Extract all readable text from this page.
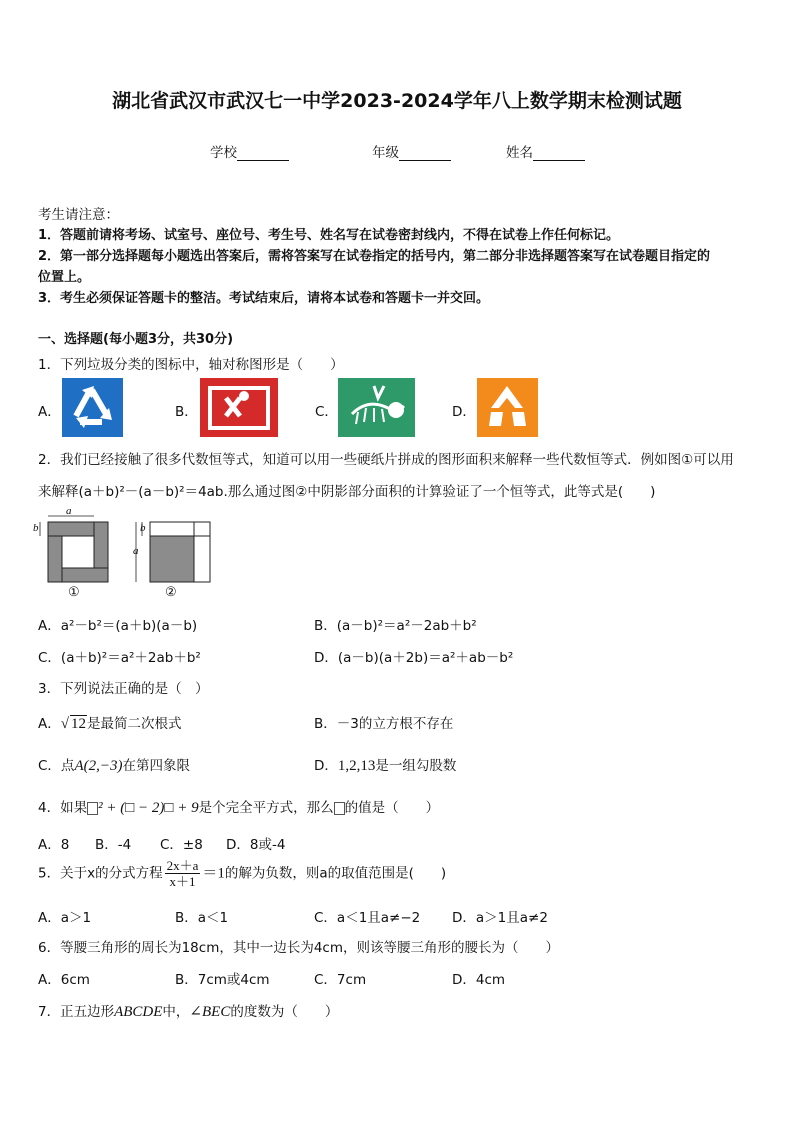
湖北省武汉市武汉七一中学2023-2024学年八上数学期末检测试题
学校	年级	姓名
考生请注意：
1．答题前请将考场、试室号、座位号、考生号、姓名写在试卷密封线内，不得在试卷上作任何标记。
2．第一部分选择题每小题选出答案后，需将答案写在试卷指定的括号内，第二部分非选择题答案写在试卷题目指定的
位置上。
3．考生必须保证答题卡的整洁。考试结束后，请将本试卷和答题卡一并交回。
一、选择题(每小题3分，共30分)
1．下列垃圾分类的图标中，轴对称图形是（　　）
A．	B．	C．	D．
2．我们已经接触了很多代数恒等式，知道可以用一些硬纸片拼成的图形面积来解释一些代数恒等式．例如图①可以用
来解释(a＋b)²－(a－b)²＝4ab.那么通过图②中阴影部分面积的计算验证了一个恒等式，此等式是(　　)
a
b
①
b
a
②
A．a²－b²＝(a＋b)(a－b)	B．(a－b)²＝a²－2ab＋b²
C．(a＋b)²＝a²＋2ab＋b²	D．(a－b)(a＋2b)＝a²＋ab－b²
3．下列说法正确的是（　）
A．√ 12是最简二次根式	B．－3的立方根不存在
C．点A(2,−3)在第四象限	D．1,2,13是一组勾股数
4．如果 ² + (□ − 2)□ + 9是个完全平方式，那么 的值是（　　）
A．8 B．-4 C．±8 D．8或-4
5．关于x的分式方程 $\frac{2x+a}{x+1} =1$的解为负数，则a的取值范围是(　　)
A．a＞1	B．a＜1	C．a＜1且a≠−2 D．a＞1且a≠2
6．等腰三角形的周长为18cm，其中一边长为4cm，则该等腰三角形的腰长为（　　）
A．6cm	B．7cm或4cm	C．7cm	D．4cm
7．正五边形ABCDE中，∠BEC的度数为（　　）
